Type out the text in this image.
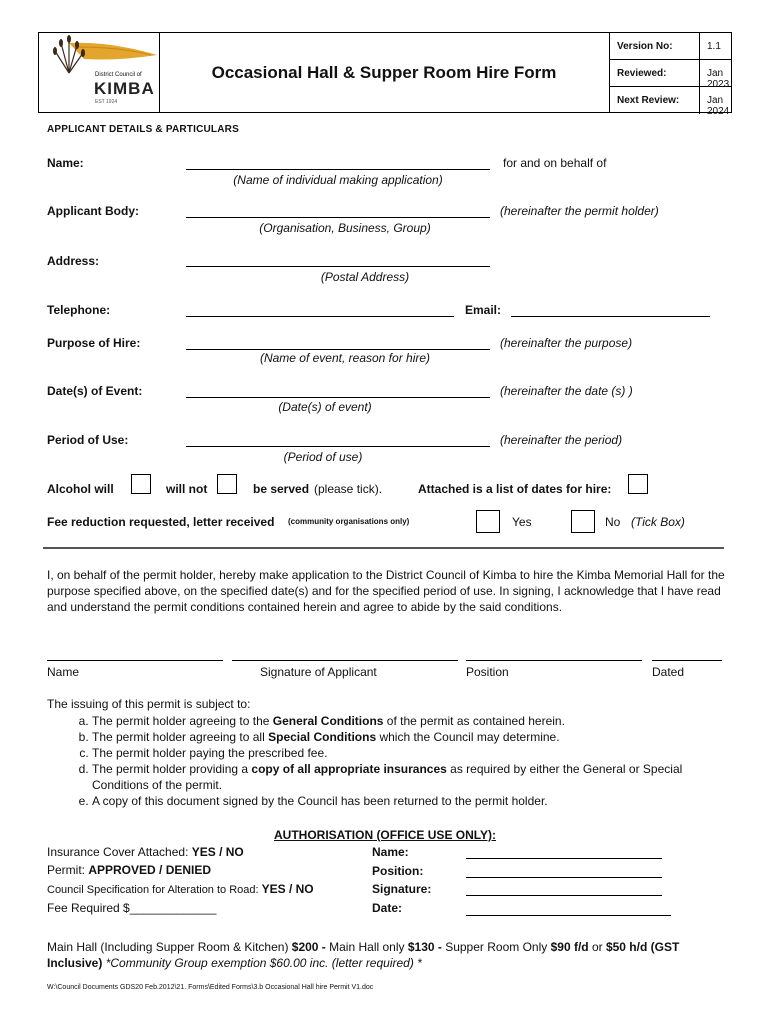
District Council of
KIMBA
EST 1924
Occasional Hall & Supper Room Hire Form
Version No:	1.1
Reviewed:	Jan 2023
Next Review:	Jan 2024
APPLICANT DETAILS & PARTICULARS
Name:	for and on behalf of
(Name of individual making application)
Applicant Body:	(hereinafter the permit holder)
(Organisation, Business, Group)
Address:
(Postal Address)
Telephone:	Email:
Purpose of Hire:	(hereinafter the purpose)
(Name of event, reason for hire)
Date(s) of Event:	(hereinafter the date (s) )
(Date(s) of event)
Period of Use:	(hereinafter the period)
(Period of use)
Alcohol will	will not	be served (please tick).	Attached is a list of dates for hire:
Fee reduction requested, letter received (community organisations only)	Yes	No (Tick Box)
I, on behalf of the permit holder, hereby make application to the District Council of Kimba to hire the Kimba Memorial Hall for the purpose specified above, on the specified date(s) and for the specified period of use. In signing, I acknowledge that I have read and understand the permit conditions contained herein and agree to abide by the said conditions.
Name	Signature of Applicant	Position	Dated
The issuing of this permit is subject to:
a. The permit holder agreeing to the General Conditions of the permit as contained herein.
b. The permit holder agreeing to all Special Conditions which the Council may determine.
c. The permit holder paying the prescribed fee.
d. The permit holder providing a copy of all appropriate insurances as required by either the General or Special Conditions of the permit.
e. A copy of this document signed by the Council has been returned to the permit holder.
AUTHORISATION (OFFICE USE ONLY):
Insurance Cover Attached: YES / NO
Permit: APPROVED / DENIED
Council Specification for Alteration to Road: YES / NO
Fee Required $_____________
Name:
Position:
Signature:
Date:
Main Hall (Including Supper Room & Kitchen) $200 - Main Hall only $130 - Supper Room Only $90 f/d or $50 h/d (GST Inclusive) *Community Group exemption $60.00 inc. (letter required) *
W:\Council Documents GDS20 Feb.2012\21. Forms\Edited Forms\3.b Occasional Hall hire Permit V1.doc
